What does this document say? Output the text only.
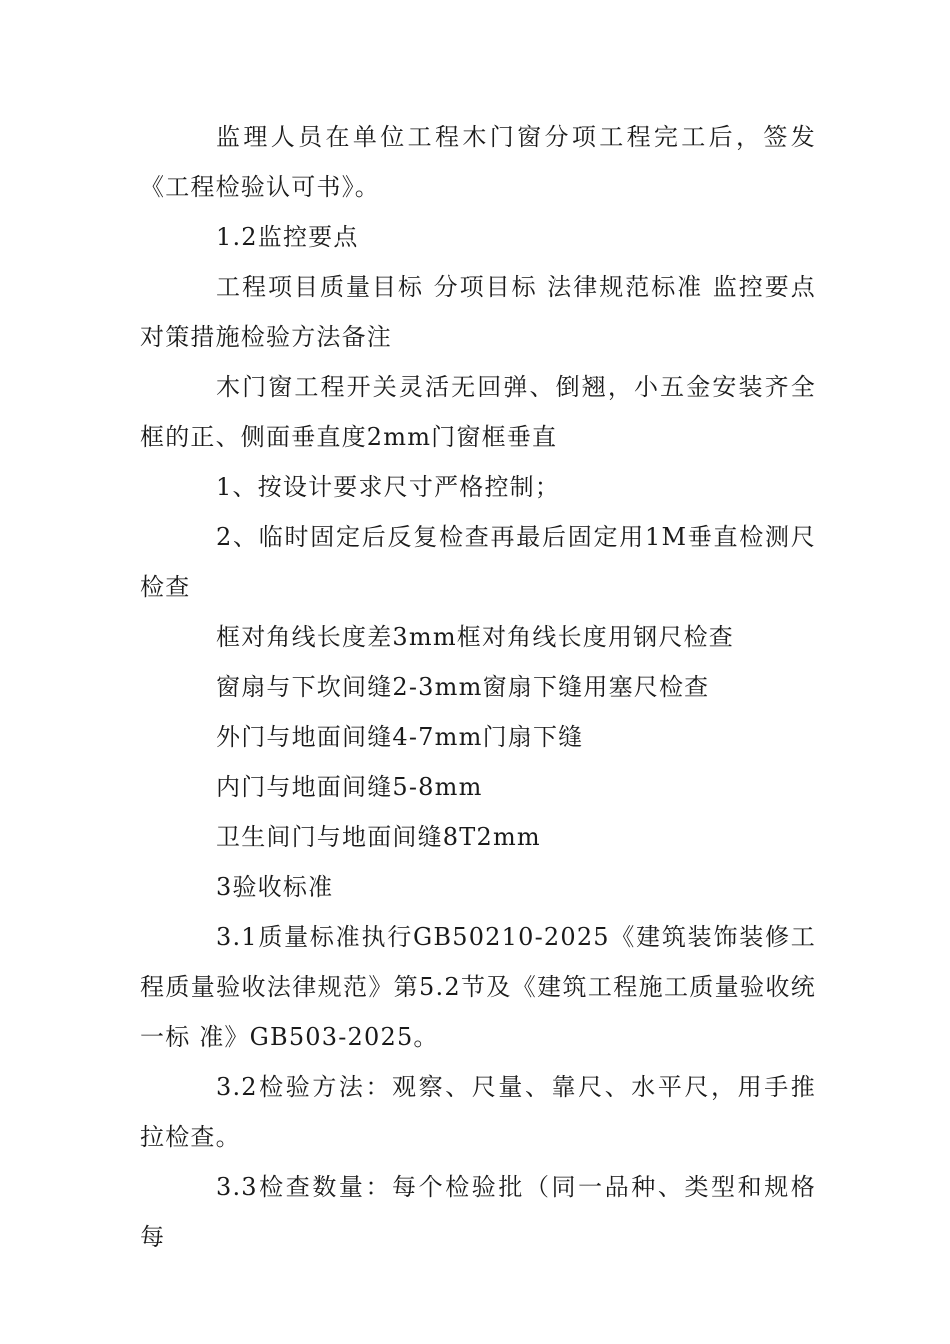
监理人员在单位工程木门窗分项工程完工后，签发 《工程检验认可书》。

1.2监控要点

工程项目质量目标 分项目标 法律规范标准 监控要点对策措施检验方法备注

木门窗工程开关灵活无回弹、倒翘，小五金安装齐全 框的正、侧面垂直度2mm门窗框垂直

1、按设计要求尺寸严格控制；

2、临时固定后反复检查再最后固定用1M垂直检测尺 检查

框对角线长度差3mm框对角线长度用钢尺检查

窗扇与下坎间缝2-3mm窗扇下缝用塞尺检查

外门与地面间缝4-7mm门扇下缝

内门与地面间缝5-8mm

卫生间门与地面间缝8T2mm

3验收标准

3.1质量标准执行GB50210-2025《建筑装饰装修工程质量验收法律规范》第5.2节及《建筑工程施工质量验收统一标 准》GB503-2025。

3.2检验方法：观察、尺量、靠尺、水平尺，用手推 拉检查。

3.3检查数量：每个检验批（同一品种、类型和规格 每
